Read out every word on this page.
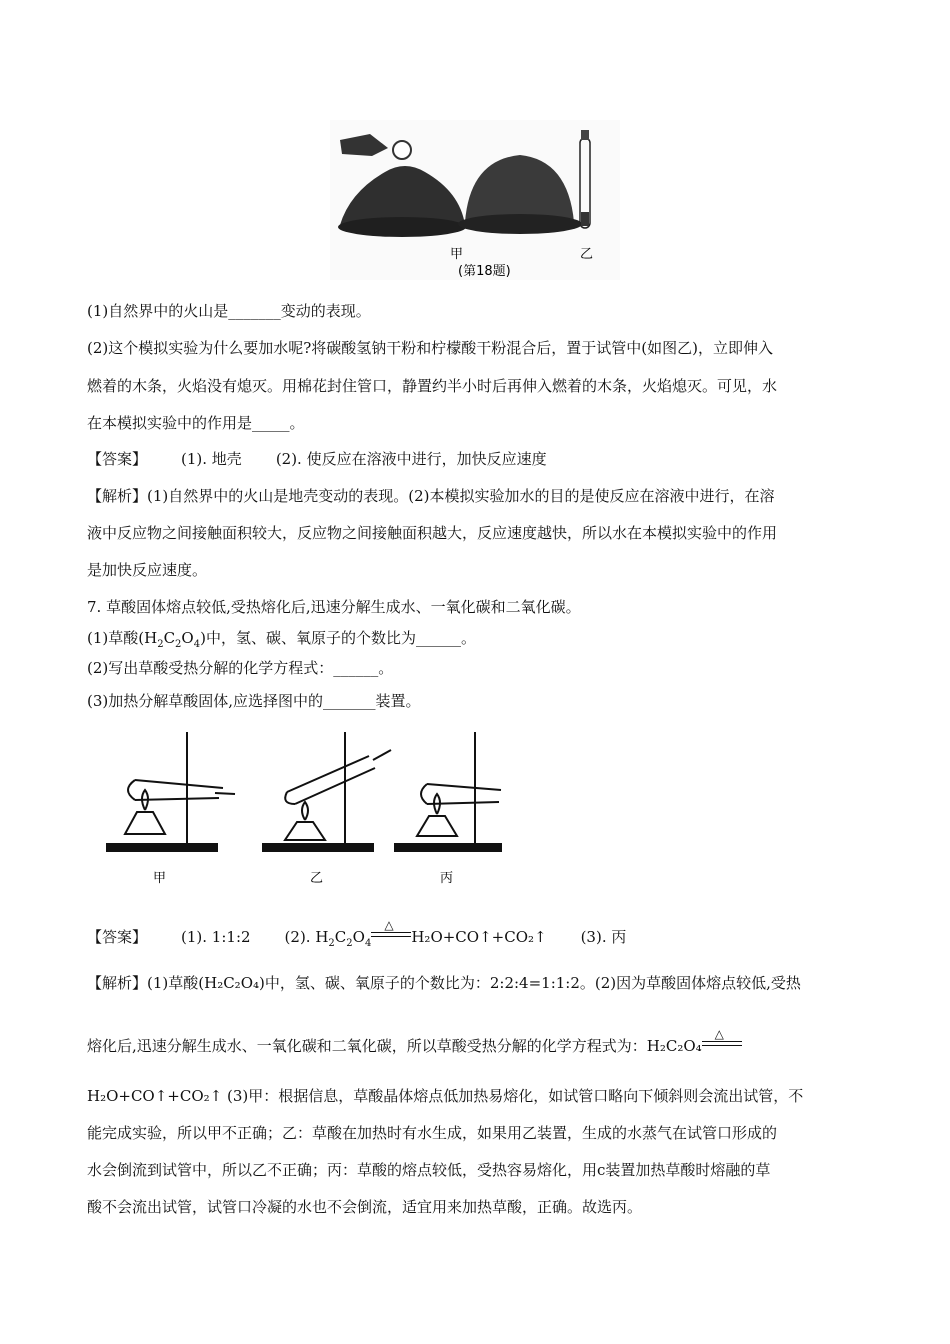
甲	乙
(第18题)
(1)自然界中的火山是_______变动的表现。
(2)这个模拟实验为什么要加水呢?将碳酸氢钠干粉和柠檬酸干粉混合后，置于试管中(如图乙)，立即伸入
燃着的木条，火焰没有熄灭。用棉花封住管口，静置约半小时后再伸入燃着的木条，火焰熄灭。可见，水
在本模拟实验中的作用是_____。
【答案】 (1). 地壳 (2). 使反应在溶液中进行，加快反应速度
【解析】(1)自然界中的火山是地壳变动的表现。(2)本模拟实验加水的目的是使反应在溶液中进行，在溶
液中反应物之间接触面积较大，反应物之间接触面积越大，反应速度越快，所以水在本模拟实验中的作用
是加快反应速度。
7. 草酸固体熔点较低,受热熔化后,迅速分解生成水、一氧化碳和二氧化碳。
(1)草酸$(H_2C_2O_4)$中，氢、碳、氧原子的个数比为______。
(2)写出草酸受热分解的化学方程式：______。
(3)加热分解草酸固体,应选择图中的_______装置。
甲	乙	丙
【答案】 (1). 1:1:2 (2). $H_2C_2O_4$
△
H₂O+CO↑+CO₂↑ (3). 丙
【解析】(1)草酸(H₂C₂O₄)中，氢、碳、氧原子的个数比为：2:2:4=1:1:2。(2)因为草酸固体熔点较低,受热
熔化后,迅速分解生成水、一氧化碳和二氧化碳，所以草酸受热分解的化学方程式为：H₂C₂O₄
△
H₂O+CO↑+CO₂↑ (3)甲：根据信息，草酸晶体熔点低加热易熔化，如试管口略向下倾斜则会流出试管，不
能完成实验，所以甲不正确；乙：草酸在加热时有水生成，如果用乙装置，生成的水蒸气在试管口形成的
水会倒流到试管中，所以乙不正确；丙：草酸的熔点较低，受热容易熔化，用c装置加热草酸时熔融的草
酸不会流出试管，试管口冷凝的水也不会倒流，适宜用来加热草酸，正确。故选丙。
